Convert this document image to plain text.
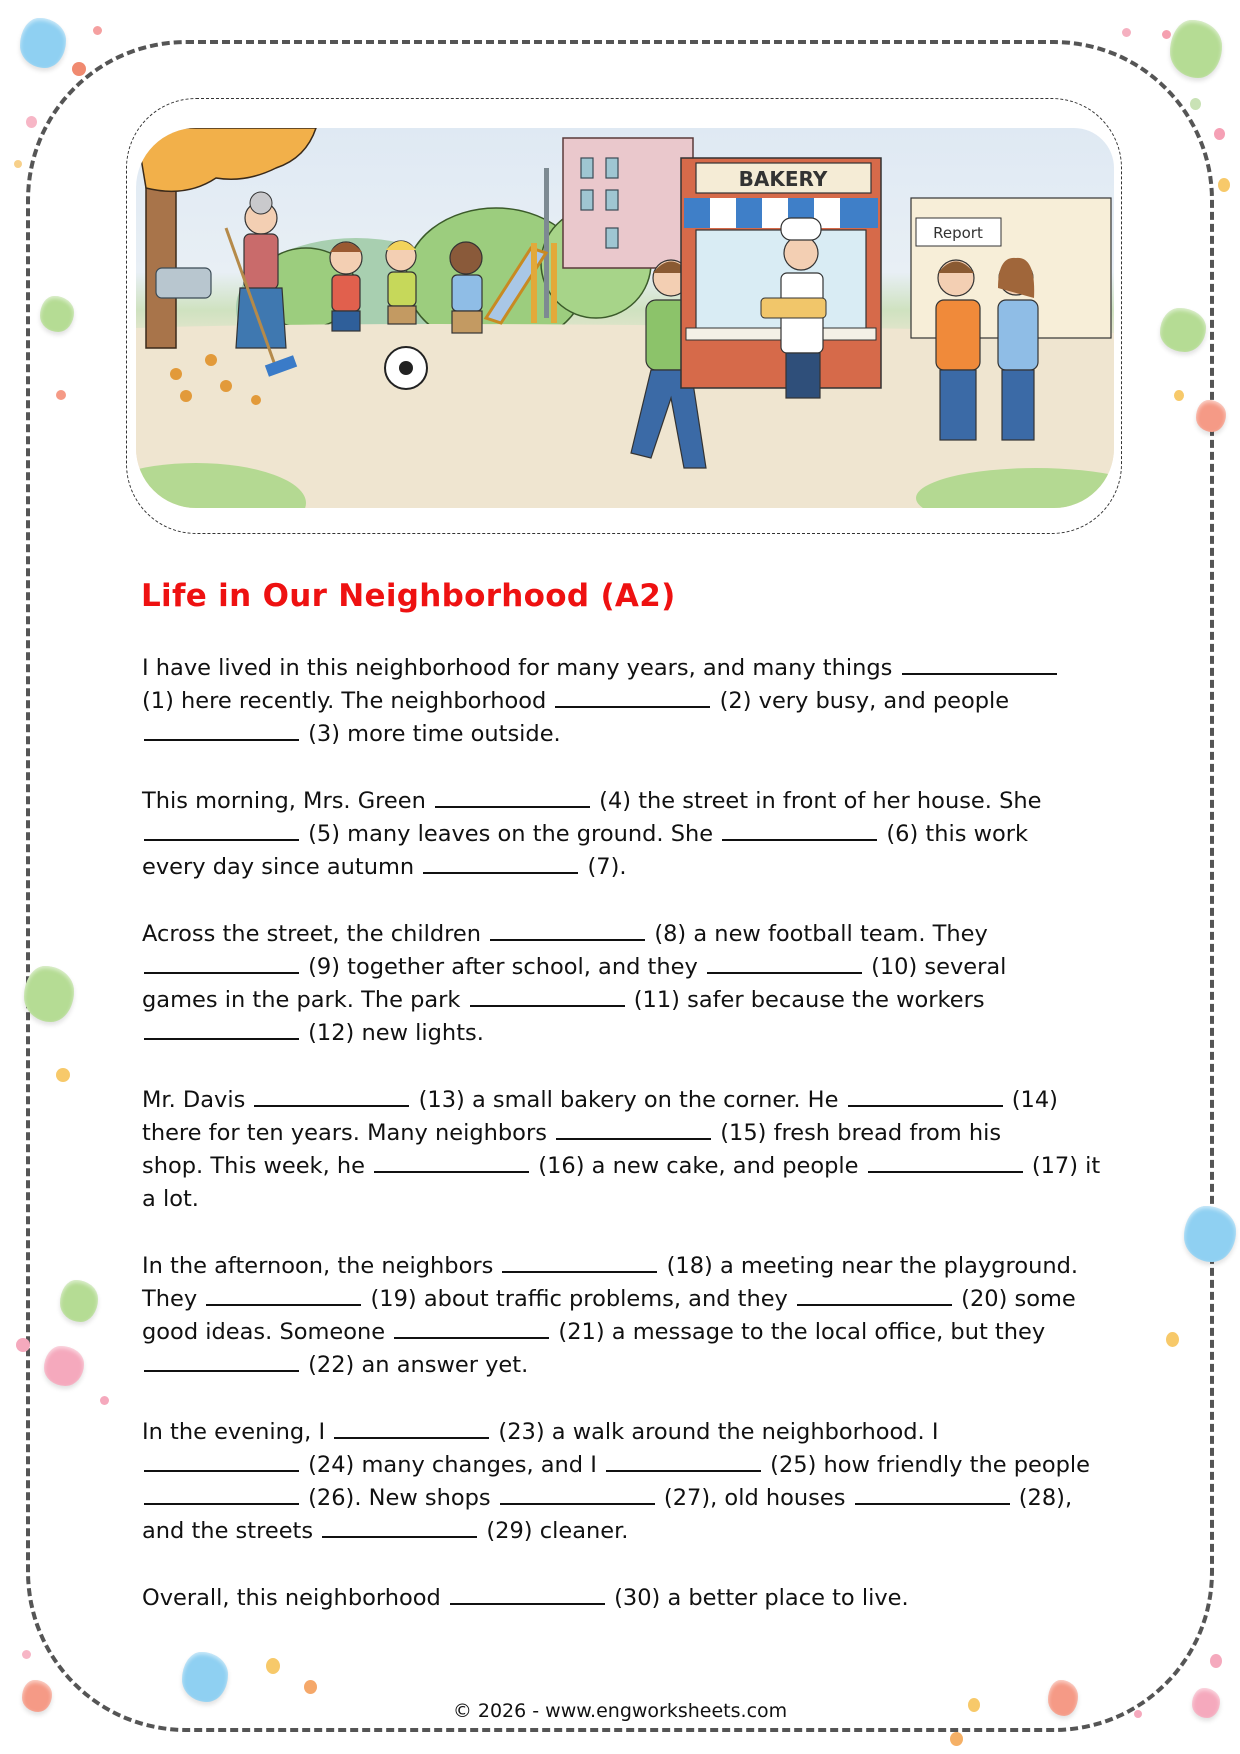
BAKERY
Report
Life in Our Neighborhood (A2)
I have lived in this neighborhood for many years, and many things
(1) here recently. The neighborhood	(2) very busy, and people
(3) more time outside.
This morning, Mrs. Green	(4) the street in front of her house. She
(5) many leaves on the ground. She	(6) this work
every day since autumn	(7).
Across the street, the children	(8) a new football team. They
(9) together after school, and they	(10) several
games in the park. The park	(11) safer because the workers
(12) new lights.
Mr. Davis	(13) a small bakery on the corner. He	(14)
there for ten years. Many neighbors	(15) fresh bread from his
shop. This week, he	(16) a new cake, and people	(17) it
a lot.
In the afternoon, the neighbors	(18) a meeting near the playground.
They	(19) about traffic problems, and they	(20) some
good ideas. Someone	(21) a message to the local office, but they
(22) an answer yet.
In the evening, I	(23) a walk around the neighborhood. I
(24) many changes, and I	(25) how friendly the people
(26). New shops	(27), old houses	(28),
and the streets	(29) cleaner.
Overall, this neighborhood	(30) a better place to live.
© 2026 - www.engworksheets.com
